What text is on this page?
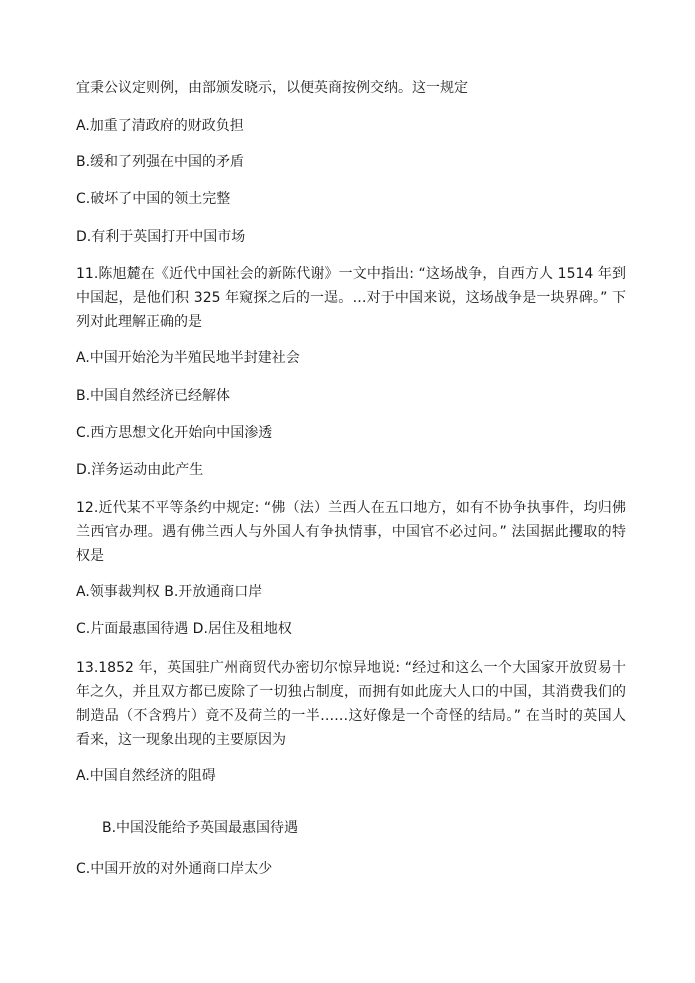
宜秉公议定则例，由部颁发晓示，以便英商按例交纳。这一规定
A.加重了清政府的财政负担
B.缓和了列强在中国的矛盾
C.破坏了中国的领土完整
D.有利于英国打开中国市场
11.陈旭麓在《近代中国社会的新陈代谢》一文中指出: “这场战争，自西方人 1514 年到中国起，是他们积 325 年窥探之后的一逞。…对于中国来说，这场战争是一块界碑。” 下列对此理解正确的是
A.中国开始沦为半殖民地半封建社会
B.中国自然经济已经解体
C.西方思想文化开始向中国渗透
D.洋务运动由此产生
12.近代某不平等条约中规定: “佛（法）兰西人在五口地方，如有不协争执事件，均归佛兰西官办理。遇有佛兰西人与外国人有争执情事，中国官不必过问。” 法国据此攫取的特权是
A.领事裁判权 B.开放通商口岸
C.片面最惠国待遇 D.居住及租地权
13.1852 年，英国驻广州商贸代办密切尔惊异地说: “经过和这么一个大国家开放贸易十年之久，并且双方都已废除了一切独占制度，而拥有如此庞大人口的中国，其消费我们的制造品（不含鸦片）竟不及荷兰的一半……这好像是一个奇怪的结局。” 在当时的英国人看来，这一现象出现的主要原因为
A.中国自然经济的阻碍
B.中国没能给予英国最惠国待遇
C.中国开放的对外通商口岸太少
